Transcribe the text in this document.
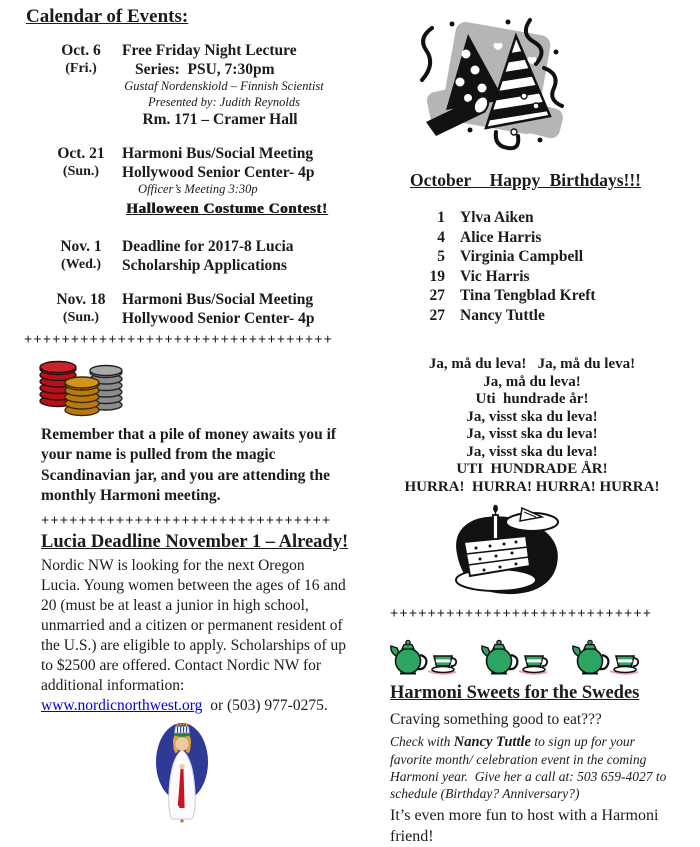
Calendar of Events:
Oct. 6
(Fri.)
Free Friday Night Lecture
Series:  PSU, 7:30pm
Gustaf Nordenskiold – Finnish Scientist
Presented by: Judith Reynolds
Rm. 171 – Cramer Hall
Oct. 21
(Sun.)
Harmoni Bus/Social Meeting
Hollywood Senior Center- 4p
Officer’s Meeting 3:30p
Halloween Costume Contest!
Nov. 1
(Wed.)
Deadline for 2017-8 Lucia
Scholarship Applications
Nov. 18
(Sun.)
Harmoni Bus/Social Meeting
Hollywood Senior Center- 4p
+++++++++++++++++++++++++++++++++

Remember that a pile of money awaits you if your name is pulled from the magic Scandinavian jar, and you are attending the monthly Harmoni meeting.

+++++++++++++++++++++++++++++++
Lucia Deadline November 1 – Already!

Nordic NW is looking for the next Oregon Lucia. Young women between the ages of 16 and 20 (must be at least a junior in high school, unmarried and a citizen or permanent resident of the U.S.) are eligible to apply. Scholarships of up to $2500 are offered. Contact Nordic NW for additional information:

www.nordicnorthwest.org  or (503) 977-0275.
October  Happy Birthdays!!!
1 Ylva Aiken
4 Alice Harris
5 Virginia Campbell
19 Vic Harris
27 Tina Tengblad Kreft
27 Nancy Tuttle
Ja, må du leva!   Ja, må du leva!
Ja, må du leva!
Uti  hundrade år!
Ja, visst ska du leva!
Ja, visst ska du leva!
Ja, visst ska du leva!
UTI  HUNDRADE ÅR!
HURRA!  HURRA! HURRA! HURRA!
++++++++++++++++++++++++++++
Harmoni Sweets for the Swedes
Craving something good to eat???

Check with Nancy Tuttle to sign up for your favorite month/ celebration event in the coming Harmoni year.  Give her a call at: 503 659-4027 to schedule (Birthday? Anniversary?)

It’s even more fun to host with a Harmoni friend!
